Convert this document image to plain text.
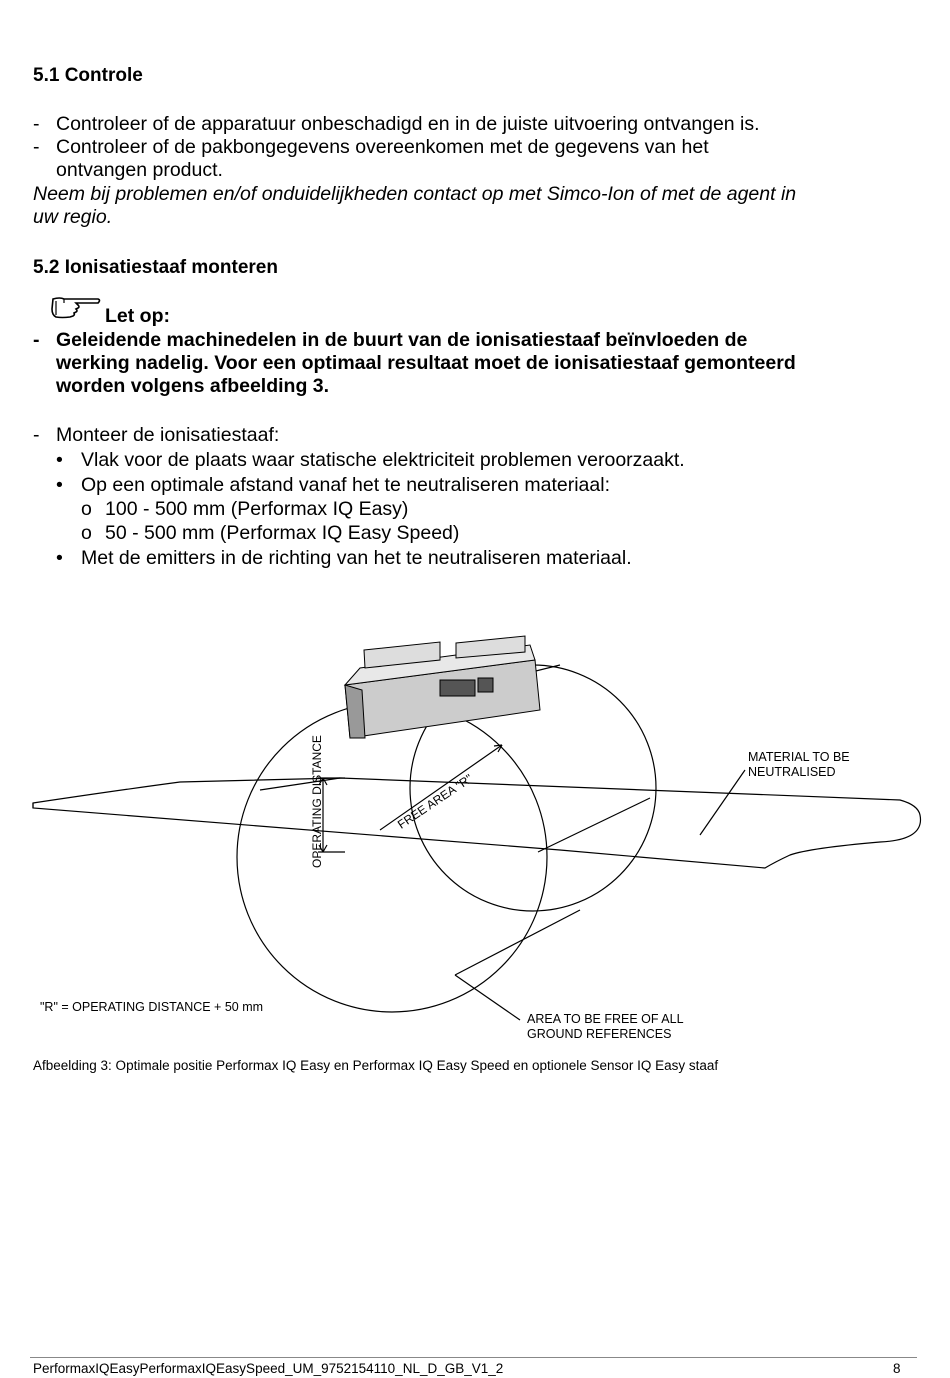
5.1 Controle
- Controleer of de apparatuur onbeschadigd en in de juiste uitvoering ontvangen is.
- Controleer of de pakbongegevens overeenkomen met de gegevens van het
ontvangen product.
Neem bij problemen en/of onduidelijkheden contact op met Simco-Ion of met de agent in
uw regio.
5.2 Ionisatiestaaf monteren
Let op:
- Geleidende machinedelen in de buurt van de ionisatiestaaf beïnvloeden de
werking nadelig. Voor een optimaal resultaat moet de ionisatiestaaf gemonteerd
worden volgens afbeelding 3.
- Monteer de ionisatiestaaf:
• Vlak voor de plaats waar statische elektriciteit problemen veroorzaakt.
• Op een optimale afstand vanaf het te neutraliseren materiaal:
o 100 - 500 mm (Performax IQ Easy)
o 50 - 500 mm (Performax IQ Easy Speed)
• Met de emitters in de richting van het te neutraliseren materiaal.
MATERIAL TO BE
NEUTRALISED
OPERATING DISTANCE	FREE AREA "R"
"R" = OPERATING DISTANCE + 50 mm
AREA TO BE FREE OF ALL
GROUND REFERENCES
Afbeelding 3: Optimale positie Performax IQ Easy en Performax IQ Easy Speed en optionele Sensor IQ Easy staaf
PerformaxIQEasyPerformaxIQEasySpeed_UM_9752154110_NL_D_GB_V1_2	8
